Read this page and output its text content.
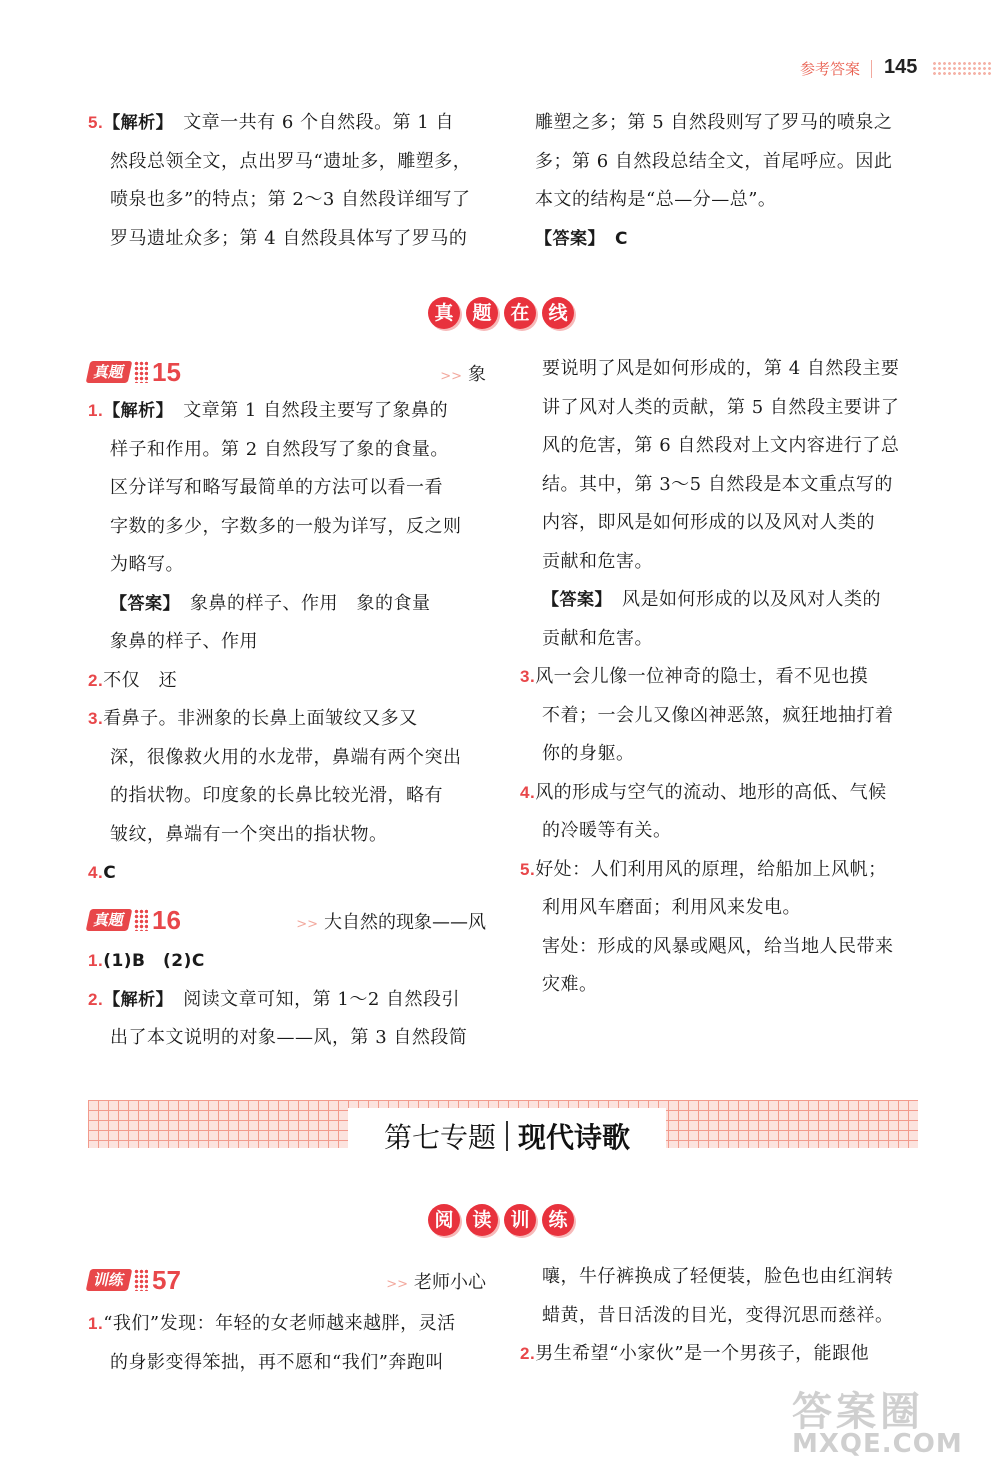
参考答案 145

5.【解析】　 文章一共有 6 个自然段。第 1 自

然段总领全文，点出罗马“遗址多，雕塑多，

喷泉也多”的特点；第 2～3 自然段详细写了

罗马遗址众多；第 4 自然段具体写了罗马的

雕塑之多；第 5 自然段则写了罗马的喷泉之

多；第 6 自然段总结全文，首尾呼应。因此

本文的结构是“总—分—总”。

【答案】　 C

真 题 在 线
真题 15	>> 象

1.【解析】　 文章第 1 自然段主要写了象鼻的

样子和作用。第 2 自然段写了象的食量。

区分详写和略写最简单的方法可以看一看

字数的多少，字数多的一般为详写，反之则

为略写。

【答案】　 象鼻的样子、作用　象的食量

象鼻的样子、作用

2.不仅　还

3.看鼻子。非洲象的长鼻上面皱纹又多又

深，很像救火用的水龙带，鼻端有两个突出

的指状物。印度象的长鼻比较光滑，略有

皱纹，鼻端有一个突出的指状物。

4.C

真题 16	>> 大自然的现象——风

1.(1)B　(2)C

2.【解析】　 阅读文章可知，第 1～2 自然段引

出了本文说明的对象——风，第 3 自然段简

要说明了风是如何形成的，第 4 自然段主要

讲了风对人类的贡献，第 5 自然段主要讲了

风的危害，第 6 自然段对上文内容进行了总

结。其中，第 3～5 自然段是本文重点写的

内容，即风是如何形成的以及风对人类的

贡献和危害。

【答案】　 风是如何形成的以及风对人类的

贡献和危害。

3.风一会儿像一位神奇的隐士，看不见也摸

不着；一会儿又像凶神恶煞，疯狂地抽打着

你的身躯。

4.风的形成与空气的流动、地形的高低、气候

的冷暖等有关。

5.好处：人们利用风的原理，给船加上风帆；

利用风车磨面；利用风来发电。

害处：形成的风暴或飓风，给当地人民带来

灾难。

第七专题 现代诗歌
阅 读 训 练
训练 57	>> 老师小心

1.“我们”发现：年轻的女老师越来越胖，灵活

的身影变得笨拙，再不愿和“我们”奔跑叫

嚷，牛仔裤换成了轻便装，脸色也由红润转

蜡黄，昔日活泼的目光，变得沉思而慈祥。

2.男生希望“小家伙”是一个男孩子，能跟他

答案圈
MXQE.COM
